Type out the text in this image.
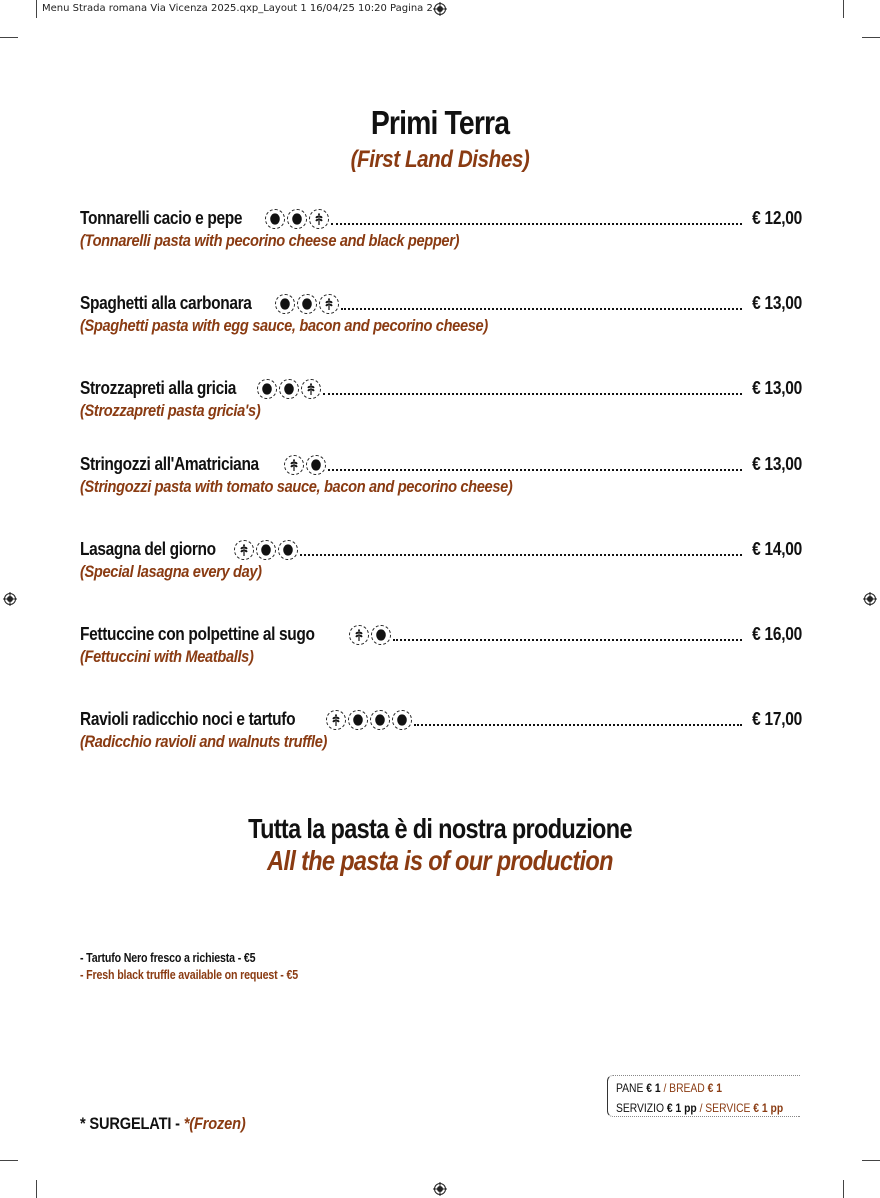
Menu Strada romana Via Vicenza 2025.qxp_Layout 1 16/04/25 10:20 Pagina 2
Primi Terra
(First Land Dishes)
Tonnarelli cacio e pepe	€ 12,00
(Tonnarelli pasta with pecorino cheese and black pepper)
Spaghetti alla carbonara	€ 13,00
(Spaghetti pasta with egg sauce, bacon and pecorino cheese)
Strozzapreti alla gricia	€ 13,00
(Strozzapreti pasta gricia's)
Stringozzi all'Amatriciana	€ 13,00
(Stringozzi pasta with tomato sauce, bacon and pecorino cheese)
Lasagna del giorno	€ 14,00
(Special lasagna every day)
Fettuccine con polpettine al sugo	€ 16,00
(Fettuccini with Meatballs)
Ravioli radicchio noci e tartufo	€ 17,00
(Radicchio ravioli and walnuts truffle)
Tutta la pasta è di nostra produzione
All the pasta is of our production
- Tartufo Nero fresco a richiesta - €5
- Fresh black truffle available on request - €5
PANE € 1 / BREAD € 1
SERVIZIO € 1 pp / SERVICE € 1 pp
* SURGELATI - *(Frozen)
